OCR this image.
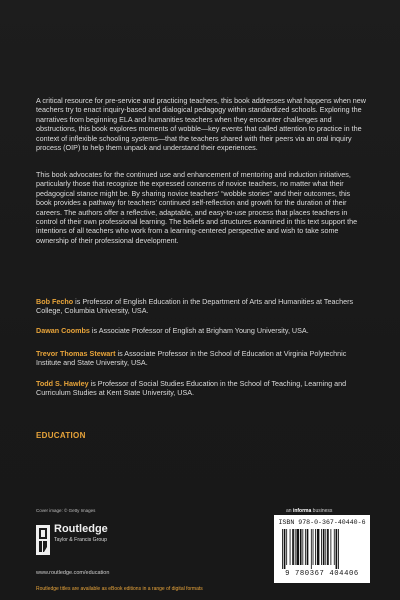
A critical resource for pre-service and practicing teachers, this book addresses what happens when new teachers try to enact inquiry-based and dialogical pedagogy within standardized schools. Exploring the narratives from beginning ELA and humanities teachers when they encounter challenges and obstructions, this book explores moments of wobble—key events that called attention to practice in the context of inflexible schooling systems—that the teachers shared with their peers via an oral inquiry process (OIP) to help them unpack and understand their experiences.

This book advocates for the continued use and enhancement of mentoring and induction initiatives, particularly those that recognize the expressed concerns of novice teachers, no matter what their pedagogical stance might be. By sharing novice teachers’ “wobble stories” and their outcomes, this book provides a pathway for teachers’ continued self-reflection and growth for the duration of their careers. The authors offer a reflective, adaptable, and easy-to-use process that places teachers in control of their own professional learning. The beliefs and structures examined in this text support the intentions of all teachers who work from a learning-centered perspective and wish to take some ownership of their professional development.

Bob Fecho is Professor of English Education in the Department of Arts and Humanities at Teachers College, Columbia University, USA.
Dawan Coombs is Associate Professor of English at Brigham Young University, USA.
Trevor Thomas Stewart is Associate Professor in the School of Education at Virginia Polytechnic Institute and State University, USA.
Todd S. Hawley is Professor of Social Studies Education in the School of Teaching, Learning and Curriculum Studies at Kent State University, USA.
EDUCATION
Cover image: © Getty Images
Routledge
Taylor & Francis Group
www.routledge.com/education
Routledge titles are available as eBook editions in a range of digital formats
an informa business
ISBN 978-0-367-40440-6
9 780367 404406
